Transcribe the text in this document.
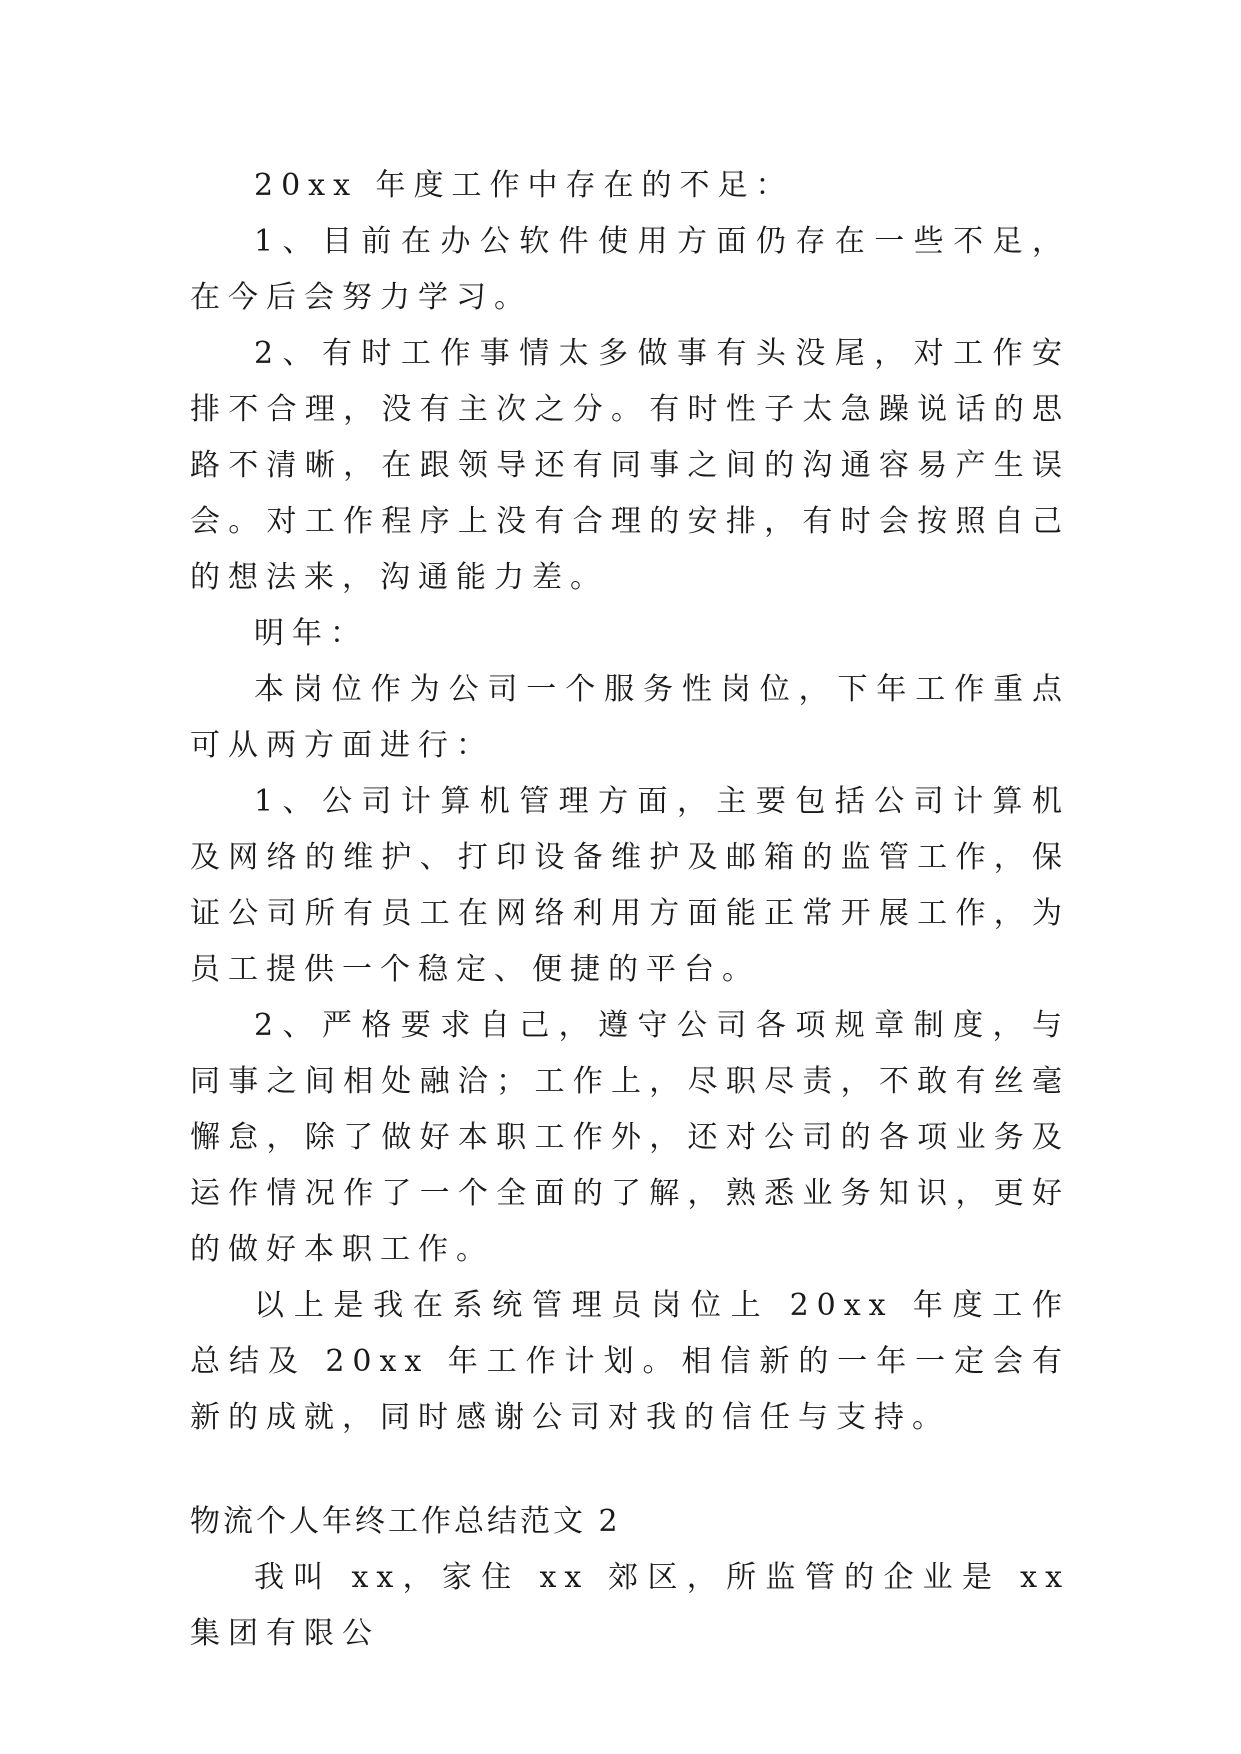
20xx 年度工作中存在的不足：

1、目前在办公软件使用方面仍存在一些不足，在今后会努力学习。

2、有时工作事情太多做事有头没尾，对工作安排不合理，没有主次之分。有时性子太急躁说话的思路不清晰，在跟领导还有同事之间的沟通容易产生误会。对工作程序上没有合理的安排，有时会按照自己的想法来，沟通能力差。

明年：

本岗位作为公司一个服务性岗位，下年工作重点可从两方面进行：

1、公司计算机管理方面，主要包括公司计算机及网络的维护、打印设备维护及邮箱的监管工作，保证公司所有员工在网络利用方面能正常开展工作，为员工提供一个稳定、便捷的平台。

2、严格要求自己，遵守公司各项规章制度，与同事之间相处融洽；工作上，尽职尽责，不敢有丝毫懈怠，除了做好本职工作外，还对公司的各项业务及运作情况作了一个全面的了解，熟悉业务知识，更好的做好本职工作。

以上是我在系统管理员岗位上 20xx 年度工作总结及 20xx 年工作计划。相信新的一年一定会有新的成就，同时感谢公司对我的信任与支持。

物流个人年终工作总结范文 2

我叫 xx，家住 xx 郊区，所监管的企业是 xx 集团有限公
